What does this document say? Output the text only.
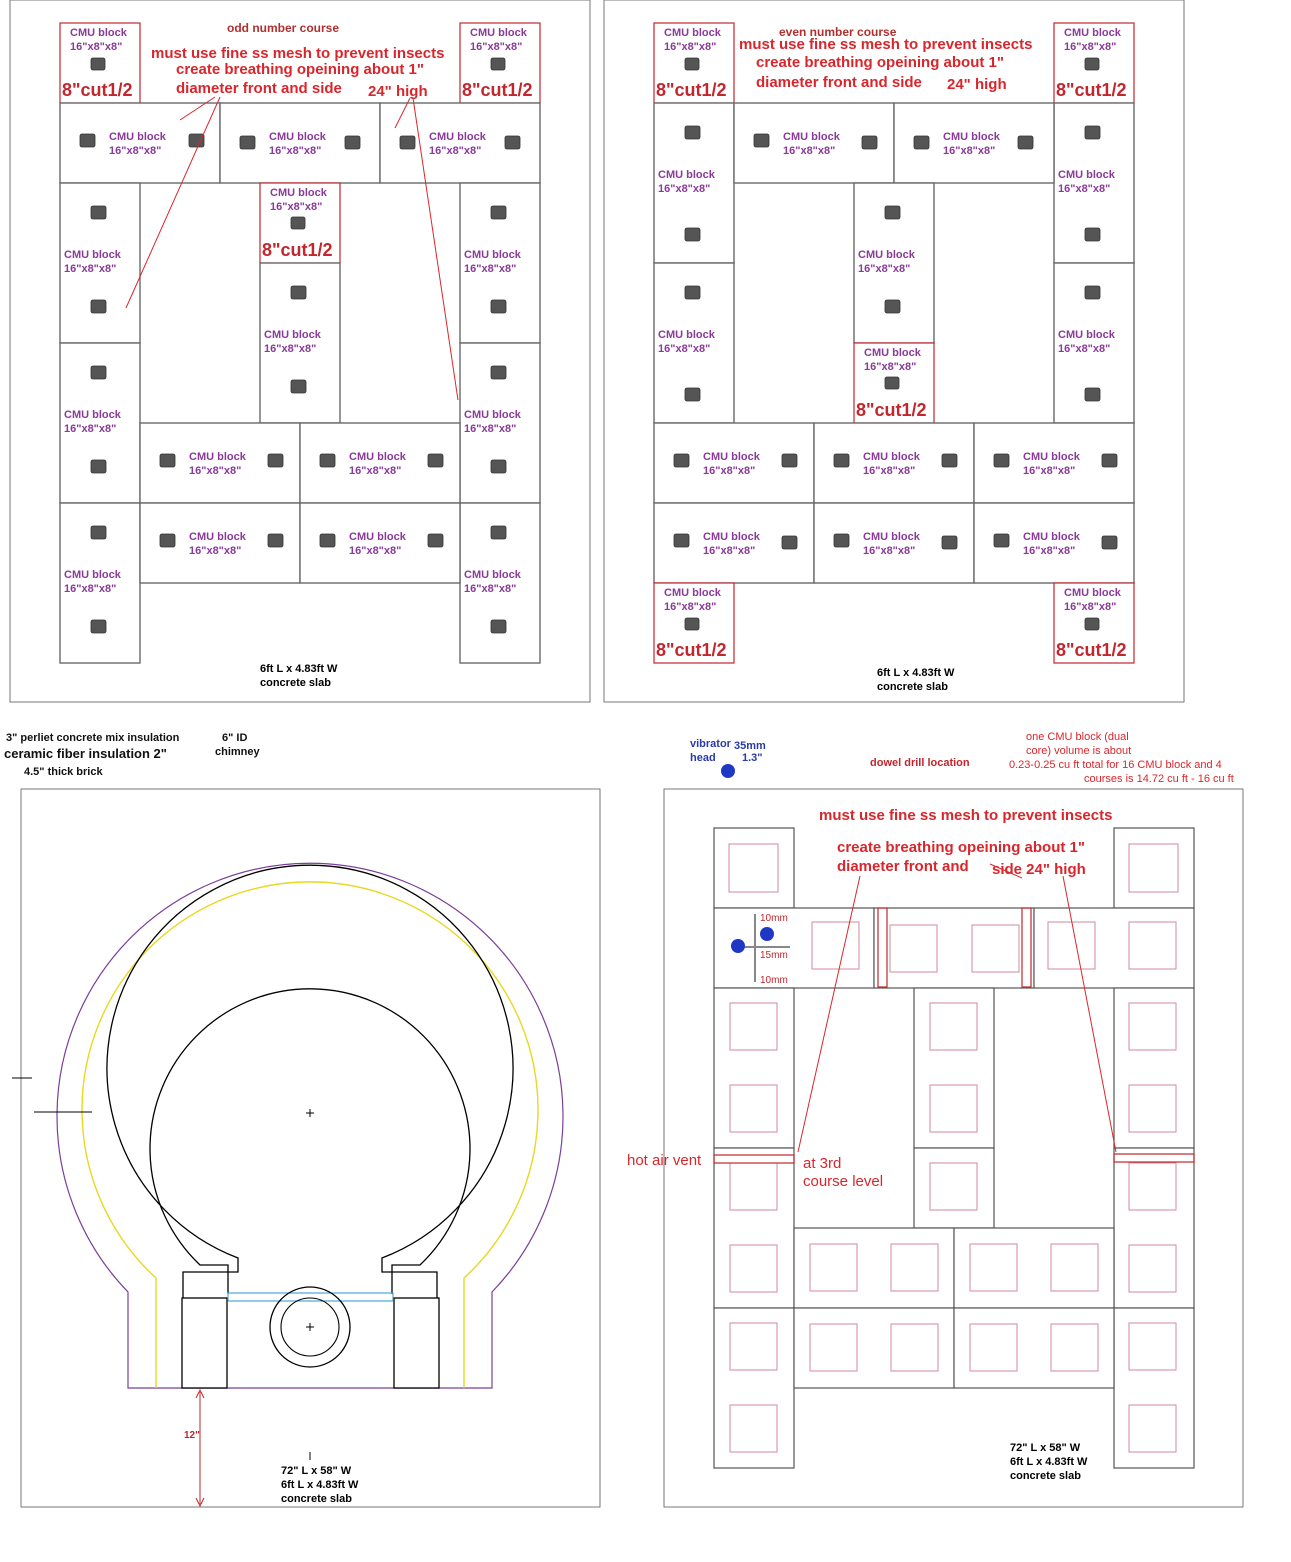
odd number course
CMU block
16"x8"x8"
8"cut1/2
CMU block
16"x8"x8"
8"cut1/2
CMU block
16"x8"x8"
CMU block
16"x8"x8"
CMU block
16"x8"x8"
CMU block
16"x8"x8"
CMU block
16"x8"x8"
CMU block
16"x8"x8"
CMU block
16"x8"x8"
CMU block
16"x8"x8"
CMU block
16"x8"x8"
CMU block
16"x8"x8"
8"cut1/2
CMU block
16"x8"x8"
CMU block
16"x8"x8"
CMU block
16"x8"x8"
CMU block
16"x8"x8"
CMU block
16"x8"x8"
must use fine ss mesh to prevent insects
create breathing opeining about 1"
diameter front and side 24" high
6ft L x 4.83ft W
concrete slab
even number course
CMU block
16"x8"x8"
8"cut1/2
CMU block
16"x8"x8"
8"cut1/2
CMU block
16"x8"x8"
CMU block
16"x8"x8"
CMU block
16"x8"x8"
CMU block
16"x8"x8"
CMU block
16"x8"x8"
CMU block
16"x8"x8"
CMU block
16"x8"x8"
CMU block
16"x8"x8"
8"cut1/2
CMU block
16"x8"x8"
CMU block
16"x8"x8"
CMU block
16"x8"x8"
CMU block
16"x8"x8"
CMU block
16"x8"x8"
CMU block
16"x8"x8"
CMU block
16"x8"x8"
8"cut1/2
CMU block
16"x8"x8"
8"cut1/2
must use fine ss mesh to prevent insects
create breathing opeining about 1"
diameter front and side 24" high
6ft L x 4.83ft W
concrete slab
3" perliet concrete mix insulation
ceramic fiber insulation 2"
4.5" thick brick
6" ID
chimney
12"
72" L x 58" W
6ft L x 4.83ft W
concrete slab
vibrator
head
35mm
1.3"	dowel drill location
one CMU block (dual
core) volume is about
0.23-0.25 cu ft total for 16 CMU block and 4
courses is 14.72 cu ft - 16 cu ft
10mm
15mm
10mm
must use fine ss mesh to prevent insects
create breathing opeining about 1"
diameter front and side 24" high
hot air vent	at 3rd
course level
72" L x 58" W
6ft L x 4.83ft W
concrete slab
